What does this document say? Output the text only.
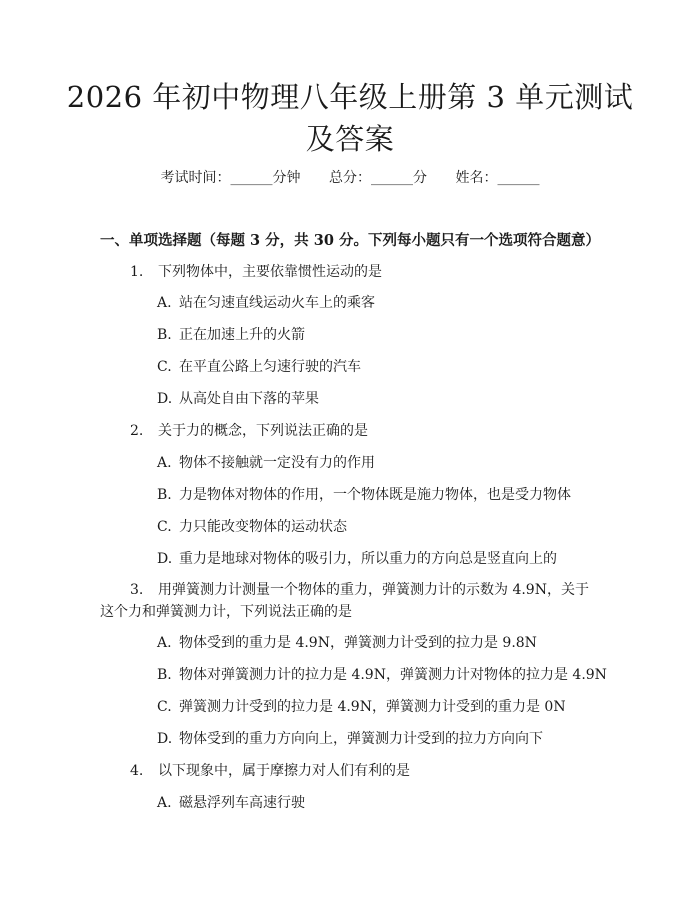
2026 年初中物理八年级上册第 3 单元测试及答案
考试时间：______分钟 总分：______分 姓名：______
一、单项选择题（每题 3 分，共 30 分。下列每小题只有一个选项符合题意）
1. 下列物体中，主要依靠惯性运动的是
A. 站在匀速直线运动火车上的乘客
B. 正在加速上升的火箭
C. 在平直公路上匀速行驶的汽车
D. 从高处自由下落的苹果
2. 关于力的概念，下列说法正确的是
A. 物体不接触就一定没有力的作用
B. 力是物体对物体的作用，一个物体既是施力物体，也是受力物体
C. 力只能改变物体的运动状态
D. 重力是地球对物体的吸引力，所以重力的方向总是竖直向上的
3. 用弹簧测力计测量一个物体的重力，弹簧测力计的示数为 4.9N，关于这个力和弹簧测力计，下列说法正确的是
A. 物体受到的重力是 4.9N，弹簧测力计受到的拉力是 9.8N
B. 物体对弹簧测力计的拉力是 4.9N，弹簧测力计对物体的拉力是 4.9N
C. 弹簧测力计受到的拉力是 4.9N，弹簧测力计受到的重力是 0N
D. 物体受到的重力方向向上，弹簧测力计受到的拉力方向向下
4. 以下现象中，属于摩擦力对人们有利的是
A. 磁悬浮列车高速行驶
